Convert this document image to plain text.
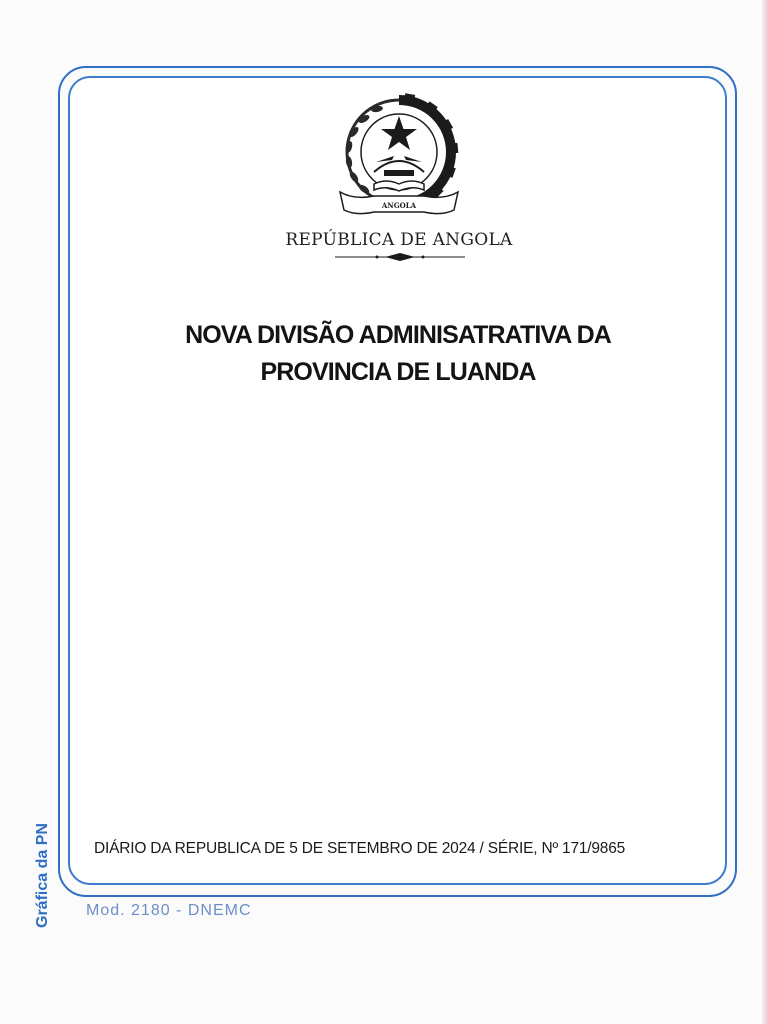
ANGOLA
REPÚBLICA DE ANGOLA
NOVA DIVISÃO ADMINISATRATIVA DA
PROVINCIA DE LUANDA
DIÁRIO DA REPUBLICA DE 5 DE SETEMBRO DE 2024 / SÉRIE, Nº 171/9865
Gráfica da PN Mod. 2180 - DNEMC
